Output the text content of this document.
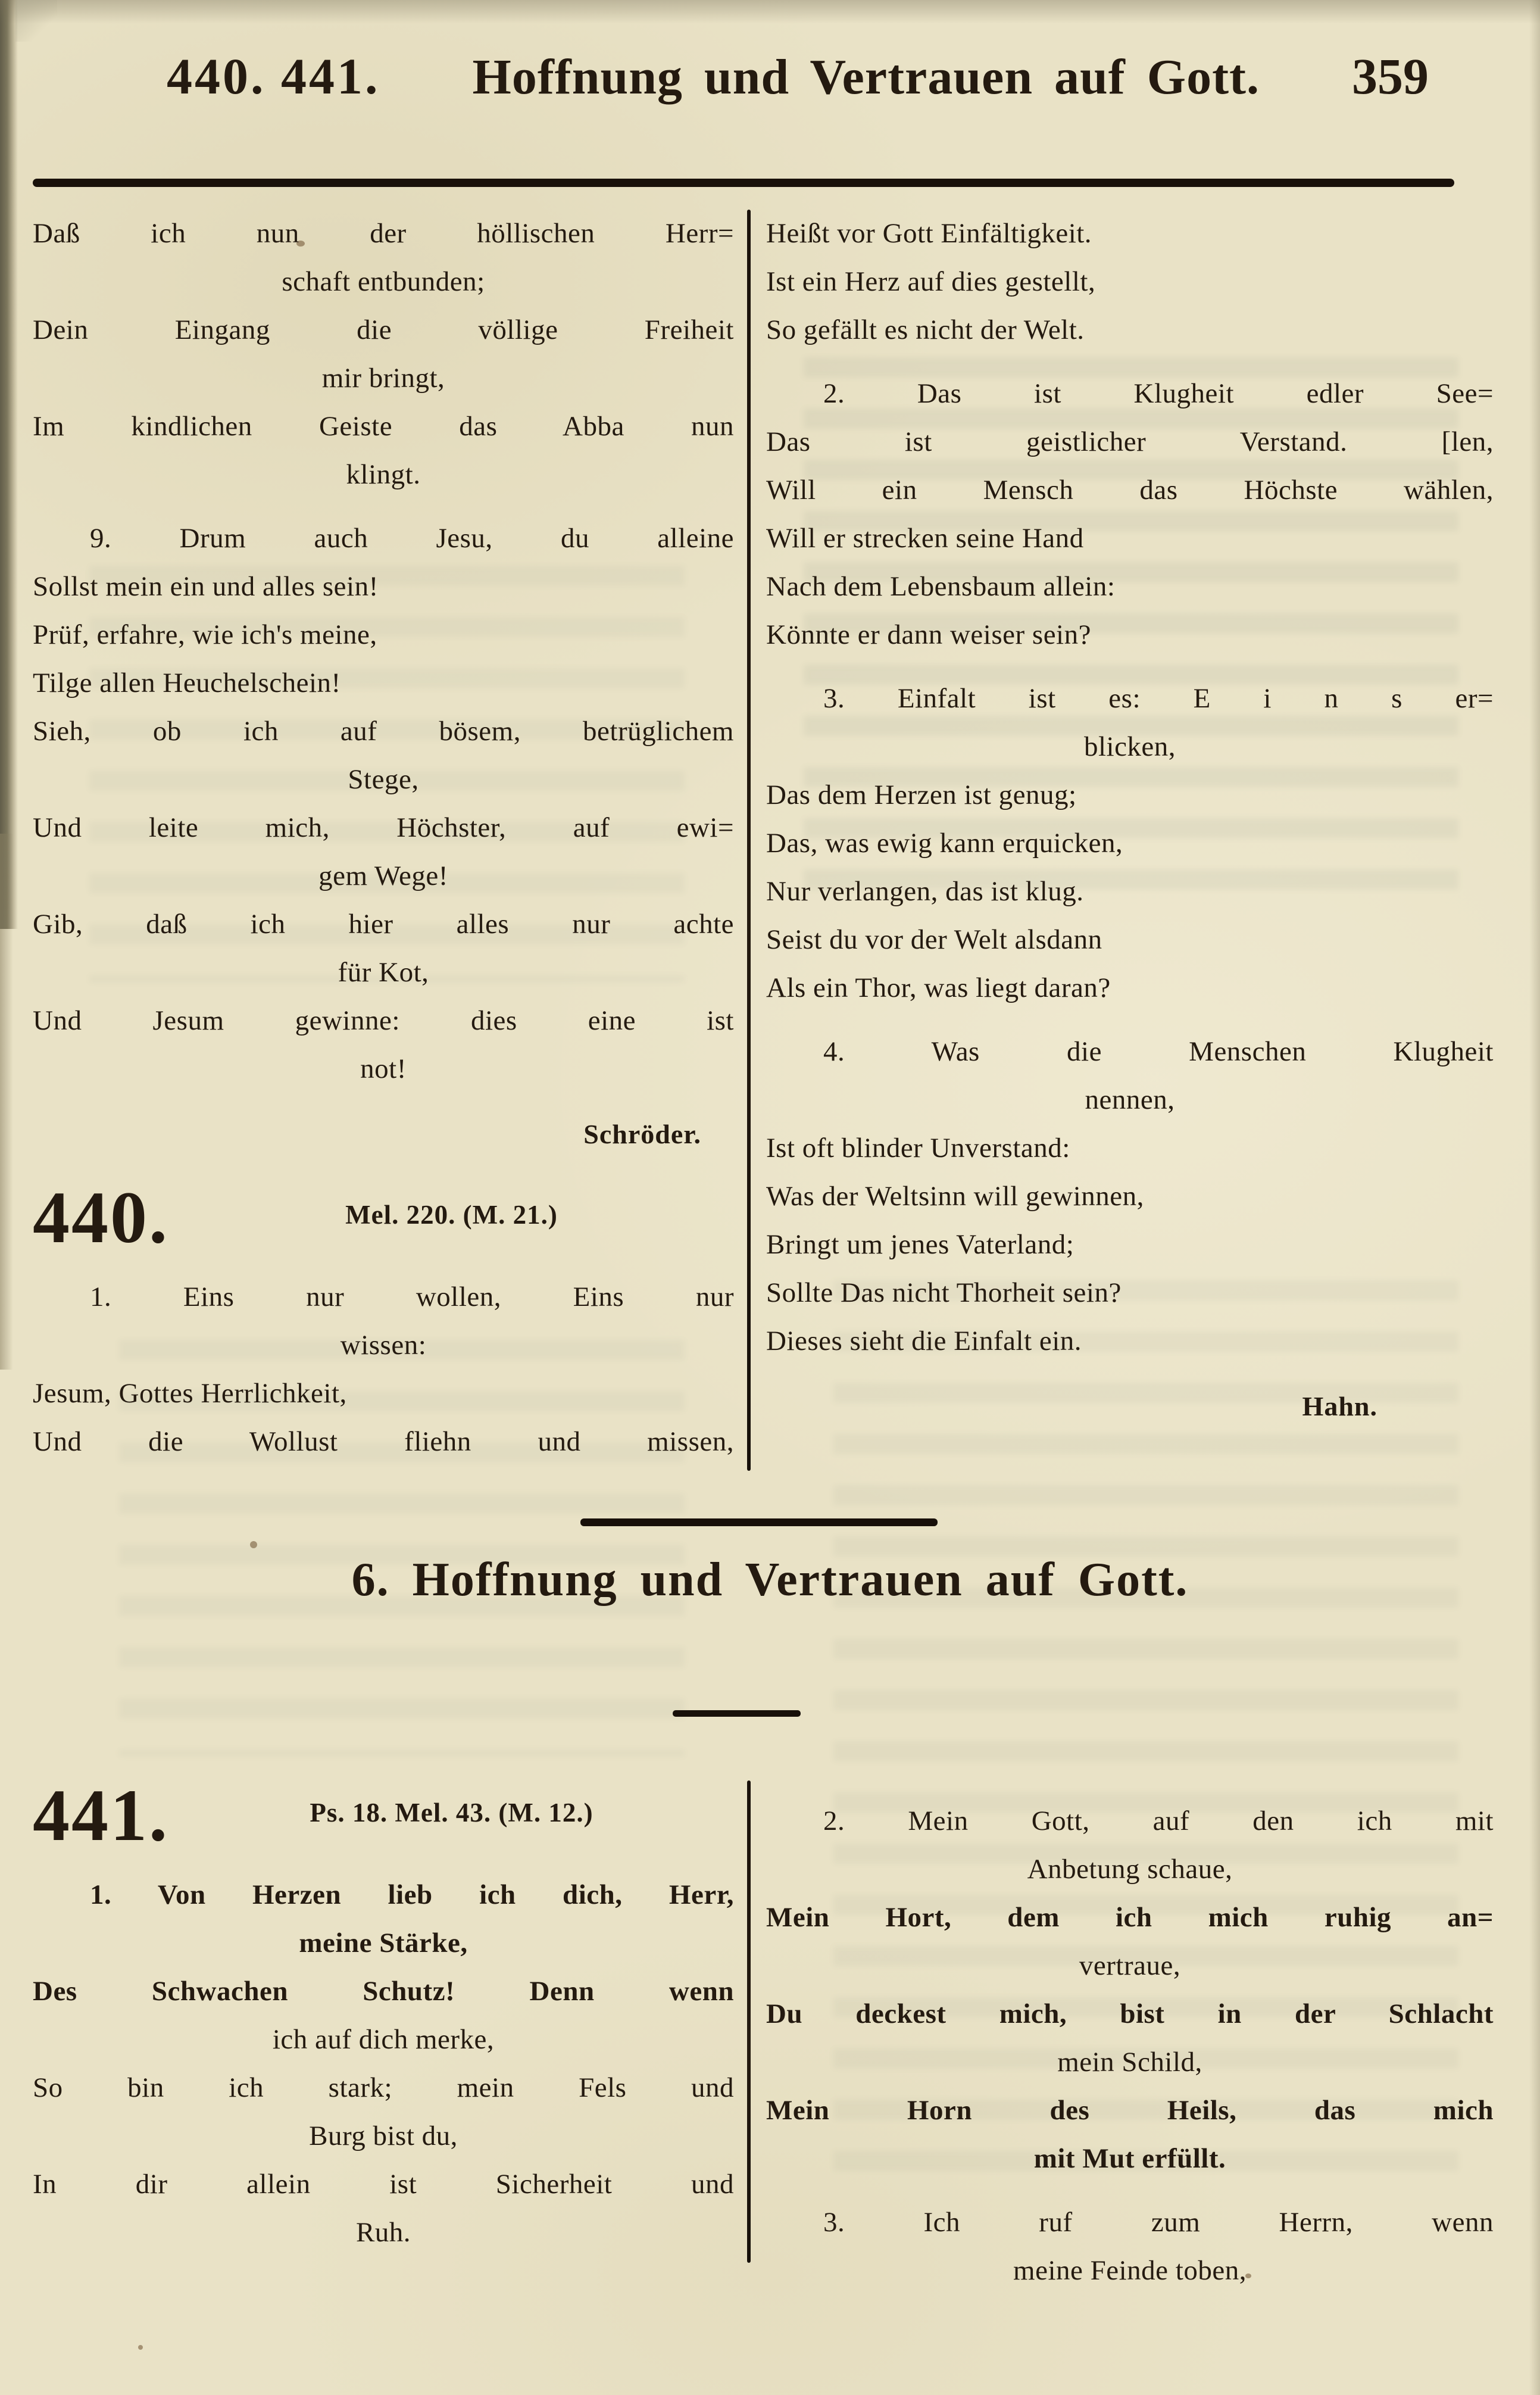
440. 441.	Hoffnung und Vertrauen auf Gott.	359
Daß ich nun der höllischen Herr=
schaft entbunden;
Dein Eingang die völlige Freiheit
mir bringt,
Im kindlichen Geiste das Abba nun
klingt.
9. Drum auch Jesu, du alleine
Sollst mein ein und alles sein!
Prüf, erfahre, wie ich's meine,
Tilge allen Heuchelschein!
Sieh, ob ich auf bösem, betrüglichem
Stege,
Und leite mich, Höchster, auf ewi=
gem Wege!
Gib, daß ich hier alles nur achte
für Kot,
Und Jesum gewinne: dies eine ist
not!
Schröder.
440.	Mel. 220. (M. 21.)
1. Eins nur wollen, Eins nur
wissen:
Jesum, Gottes Herrlichkeit,
Und die Wollust fliehn und missen,
Heißt vor Gott Einfältigkeit.
Ist ein Herz auf dies gestellt,
So gefällt es nicht der Welt.
2. Das ist Klugheit edler See=
Das ist geistlicher Verstand. [len,
Will ein Mensch das Höchste wählen,
Will er strecken seine Hand
Nach dem Lebensbaum allein:
Könnte er dann weiser sein?
3. Einfalt ist es: E i n s er=
blicken,
Das dem Herzen ist genug;
Das, was ewig kann erquicken,
Nur verlangen, das ist klug.
Seist du vor der Welt alsdann
Als ein Thor, was liegt daran?
4. Was die Menschen Klugheit
nennen,
Ist oft blinder Unverstand:
Was der Weltsinn will gewinnen,
Bringt um jenes Vaterland;
Sollte Das nicht Thorheit sein?
Dieses sieht die Einfalt ein.
Hahn.
6. Hoffnung und Vertrauen auf Gott.
441.	Ps. 18. Mel. 43. (M. 12.)
1. Von Herzen lieb ich dich, Herr,
meine Stärke,
Des Schwachen Schutz! Denn wenn
ich auf dich merke,
So bin ich stark; mein Fels und
Burg bist du,
In dir allein ist Sicherheit und
Ruh.
2. Mein Gott, auf den ich mit
Anbetung schaue,
Mein Hort, dem ich mich ruhig an=
vertraue,
Du deckest mich, bist in der Schlacht
mein Schild,
Mein Horn des Heils, das mich
mit Mut erfüllt.
3. Ich ruf zum Herrn, wenn
meine Feinde toben,
